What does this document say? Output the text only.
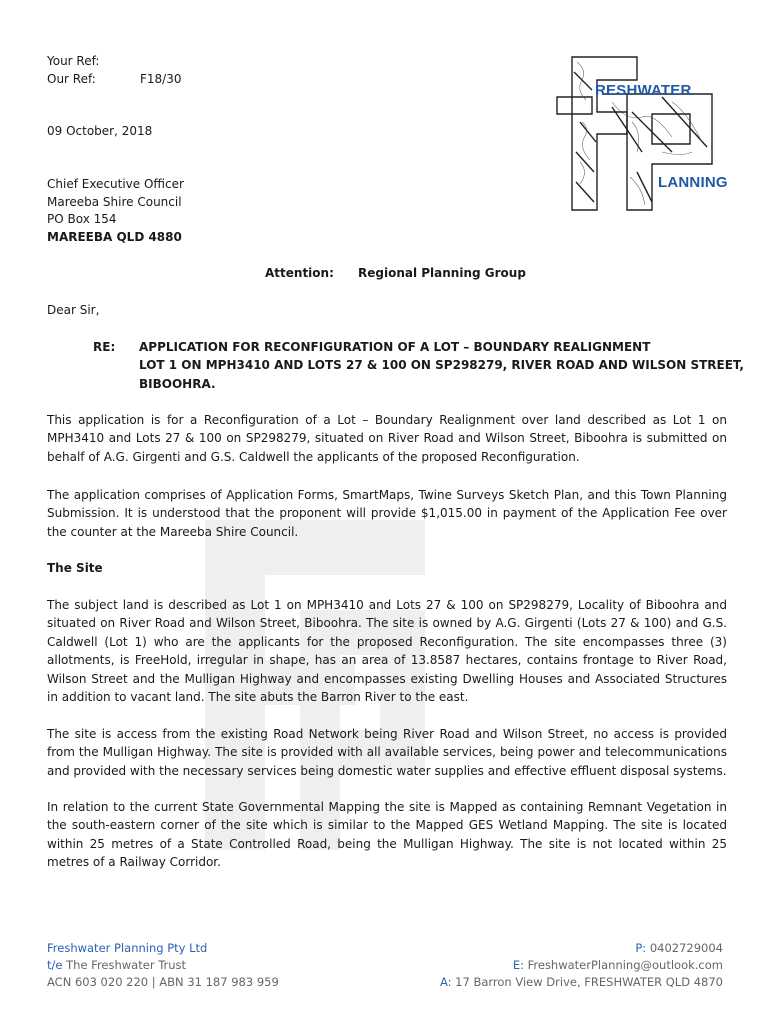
RESHWATER
LANNING
Your Ref:
Our Ref:	F18/30
09 October, 2018
Chief Executive Officer
Mareeba Shire Council
PO Box 154
MAREEBA QLD 4880
Attention: Regional Planning Group
Dear Sir,
RE: APPLICATION FOR RECONFIGURATION OF A LOT – BOUNDARY REALIGNMENT
LOT 1 ON MPH3410 AND LOTS 27 & 100 ON SP298279, RIVER ROAD AND WILSON STREET,
BIBOOHRA.
This application is for a Reconfiguration of a Lot – Boundary Realignment over land described as Lot 1 on MPH3410 and Lots 27 & 100 on SP298279, situated on River Road and Wilson Street, Biboohra is submitted on behalf of A.G. Girgenti and G.S. Caldwell the applicants of the proposed Reconfiguration.
The application comprises of Application Forms, SmartMaps, Twine Surveys Sketch Plan, and this Town Planning Submission. It is understood that the proponent will provide $1,015.00 in payment of the Application Fee over the counter at the Mareeba Shire Council.
The Site
The subject land is described as Lot 1 on MPH3410 and Lots 27 & 100 on SP298279, Locality of Biboohra and situated on River Road and Wilson Street, Biboohra. The site is owned by A.G. Girgenti (Lots 27 & 100) and G.S. Caldwell (Lot 1) who are the applicants for the proposed Reconfiguration. The site encompasses three (3) allotments, is FreeHold, irregular in shape, has an area of 13.8587 hectares, contains frontage to River Road, Wilson Street and the Mulligan Highway and encompasses existing Dwelling Houses and Associated Structures in addition to vacant land. The site abuts the Barron River to the east.
The site is access from the existing Road Network being River Road and Wilson Street, no access is provided from the Mulligan Highway. The site is provided with all available services, being power and telecommunications and provided with the necessary services being domestic water supplies and effective effluent disposal systems.
In relation to the current State Governmental Mapping the site is Mapped as containing Remnant Vegetation in the south-eastern corner of the site which is similar to the Mapped GES Wetland Mapping. The site is located within 25 metres of a State Controlled Road, being the Mulligan Highway. The site is not located within 25 metres of a Railway Corridor.
Freshwater Planning Pty Ltd
t/e The Freshwater Trust
ACN 603 020 220 | ABN 31 187 983 959
P: 0402729004
E: FreshwaterPlanning@outlook.com
A: 17 Barron View Drive, FRESHWATER QLD 4870
